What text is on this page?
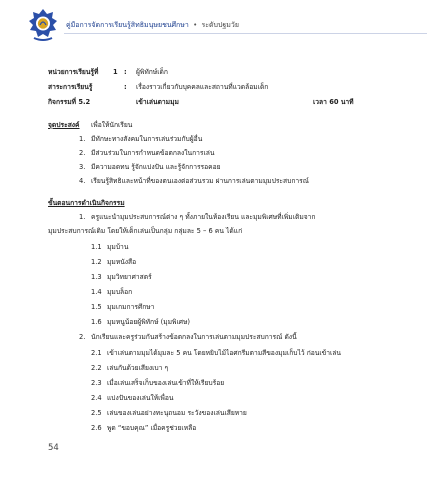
คู่มือการจัดการเรียนรู้สิทธิมนุษยชนศึกษา • ระดับปฐมวัย
หน่วยการเรียนรู้ที่ 1 : ผู้พิทักษ์เด็ก
สาระการเรียนรู้	: เรื่องราวเกี่ยวกับบุคคลและสถานที่แวดล้อมเด็ก
กิจกรรมที่ 5.2	เข้าเล่นตามมุม	เวลา 60 นาที
จุดประสงค์ เพื่อให้นักเรียน
1. มีทักษะทางสังคมในการเล่นร่วมกับผู้อื่น
2. มีส่วนร่วมในการกำหนดข้อตกลงในการเล่น
3. มีความอดทน รู้จักแบ่งปัน และรู้จักการรอคอย
4. เรียนรู้สิทธิและหน้าที่ของตนเองต่อส่วนรวม ผ่านการเล่นตามมุมประสบการณ์
ขั้นตอนการดำเนินกิจกรรม
1. ครูแนะนำมุมประสบการณ์ต่าง ๆ ทั้งภายในห้องเรียน และมุมพิเศษที่เพิ่มเติมจาก
มุมประสบการณ์เดิม โดยให้เด็กเล่นเป็นกลุ่ม กลุ่มละ 5 – 6 คน ได้แก่
1.1 มุมบ้าน
1.2 มุมหนังสือ
1.3 มุมวิทยาศาสตร์
1.4 มุมบล็อก
1.5 มุมเกมการศึกษา
1.6 มุมหนูน้อยผู้พิทักษ์ (มุมพิเศษ)
2. นักเรียนและครูร่วมกันสร้างข้อตกลงในการเล่นตามมุมประสบการณ์ ดังนี้
2.1 เข้าเล่นตามมุมได้มุมละ 5 คน โดยหยิบไม้ไอศกรีมตามสีของมุมเก็บไว้ ก่อนเข้าเล่น
2.2 เล่นกันด้วยเสียงเบา ๆ
2.3 เมื่อเล่นเสร็จเก็บของเล่นเข้าที่ให้เรียบร้อย
2.4 แบ่งปันของเล่นให้เพื่อน
2.5 เล่นของเล่นอย่างทะนุถนอม ระวังของเล่นเสียหาย
2.6 พูด “ขอบคุณ” เมื่อครูช่วยเหลือ
54
